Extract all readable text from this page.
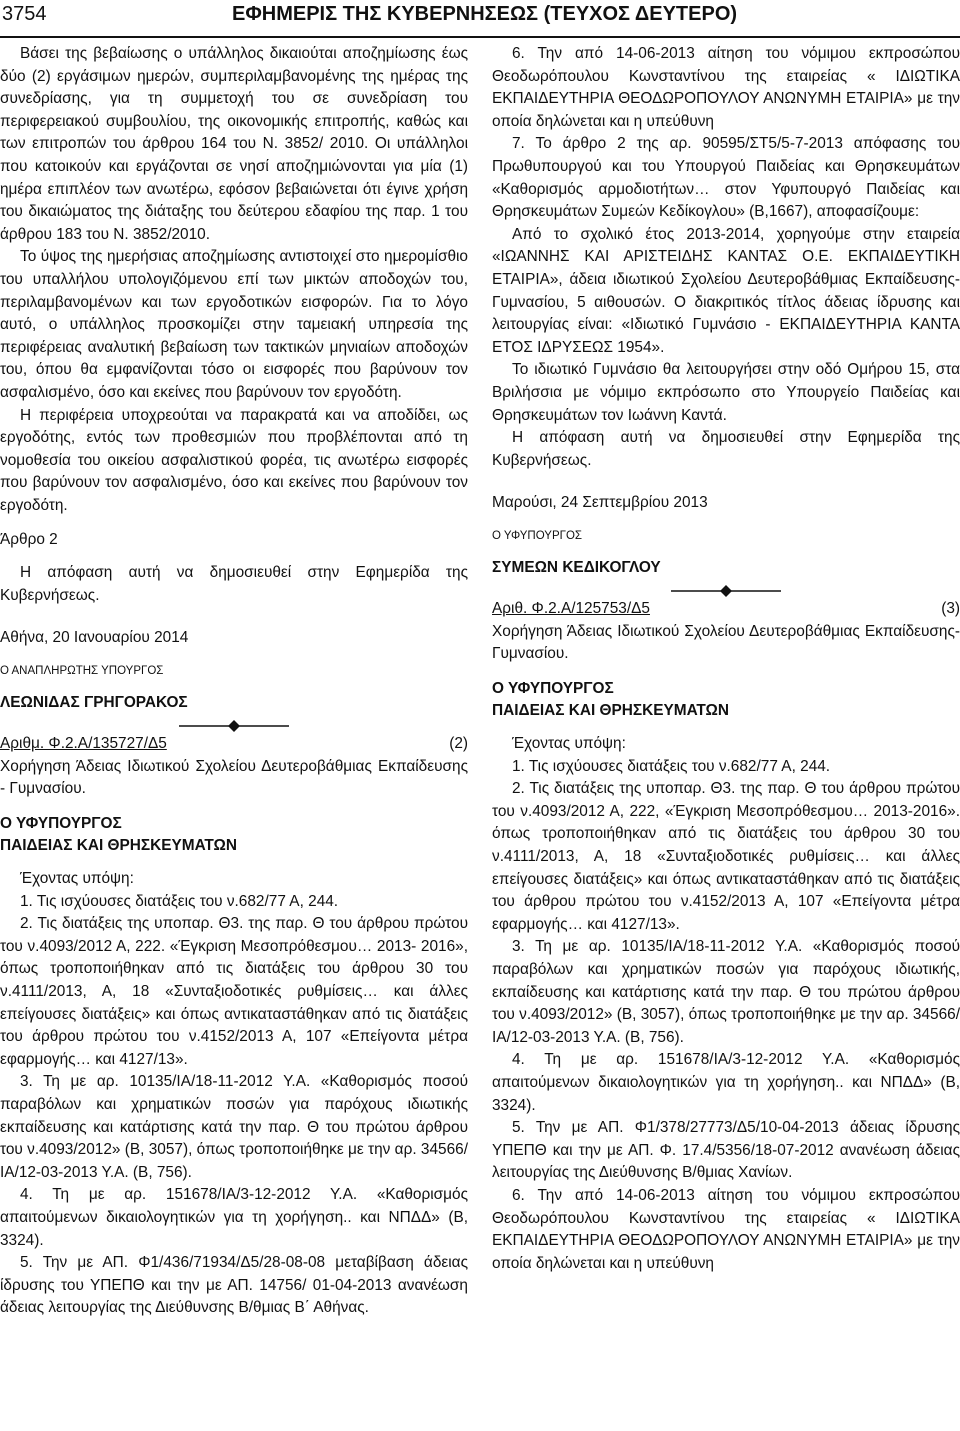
3754	ΕΦΗΜΕΡΙΣ ΤΗΣ ΚΥΒΕΡΝΗΣΕΩΣ (ΤΕΥΧΟΣ ΔΕΥΤΕΡΟ)

Βάσει της βεβαίωσης ο υπάλληλος δικαιούται αποζημίωσης έως δύο (2) εργάσιμων ημερών, συμπεριλαμβανομένης της ημέρας της συνεδρίασης, για τη συμμετοχή του σε συνεδρίαση του περιφερειακού συμβουλίου, της οικονομικής επιτροπής, καθώς και των επιτροπών του άρθρου 164 του Ν. 3852/ 2010. Οι υπάλληλοι που κατοικούν και εργάζονται σε νησί αποζημιώνονται για μία (1) ημέρα επιπλέον των ανωτέρω, εφόσον βεβαιώνεται ότι έγινε χρήση του δικαιώματος της διάταξης του δεύτερου εδαφίου της παρ. 1 του άρθρου 183 του Ν. 3852/2010.

Το ύψος της ημερήσιας αποζημίωσης αντιστοιχεί στο ημερομίσθιο του υπαλλήλου υπολογιζόμενου επί των μικτών αποδοχών του, περιλαμβανομένων και των εργοδοτικών εισφορών. Για το λόγο αυτό, ο υπάλληλος προσκομίζει στην ταμειακή υπηρεσία της περιφέρειας αναλυτική βεβαίωση των τακτικών μηνιαίων αποδοχών του, όπου θα εμφανίζονται τόσο οι εισφορές που βαρύνουν τον ασφαλισμένο, όσο και εκείνες που βαρύνουν τον εργοδότη.

Η περιφέρεια υποχρεούται να παρακρατά και να αποδίδει, ως εργοδότης, εντός των προθεσμιών που προβλέπονται από τη νομοθεσία του οικείου ασφαλιστικού φορέα, τις ανωτέρω εισφορές που βαρύνουν τον ασφαλισμένο, όσο και εκείνες που βαρύνουν τον εργοδότη.

Άρθρο 2

Η απόφαση αυτή να δημοσιευθεί στην Εφημερίδα της Κυβερνήσεως.

Αθήνα, 20 Ιανουαρίου 2014

Ο ΑΝΑΠΛΗΡΩΤΗΣ ΥΠΟΥΡΓΟΣ

ΛΕΩΝΙΔΑΣ ΓΡΗΓΟΡΑΚΟΣ

Αριθμ. Φ.2.Α/135727/Δ5	(2)

Χορήγηση Άδειας Ιδιωτικού Σχολείου Δευτεροβάθμιας Εκπαίδευσης - Γυμνασίου.

Ο ΥΦΥΠΟΥΡΓΟΣ

ΠΑΙΔΕΙΑΣ ΚΑΙ ΘΡΗΣΚΕΥΜΑΤΩΝ

Έχοντας υπόψη:

1. Τις ισχύουσες διατάξεις του ν.682/77 Α, 244.

2. Τις διατάξεις της υποπαρ. Θ3. της παρ. Θ του άρθρου πρώτου του ν.4093/2012 Α, 222. «Έγκριση Μεσοπρόθεσμου… 2013- 2016», όπως τροποποιήθηκαν από τις διατάξεις του άρθρου 30 του ν.4111/2013, Α, 18 «Συνταξιοδοτικές ρυθμίσεις… και άλλες επείγουσες διατάξεις» και όπως αντικαταστάθηκαν από τις διατάξεις του άρθρου πρώτου του ν.4152/2013 Α, 107 «Επείγοντα μέτρα εφαρμογής… και 4127/13».

3. Τη με αρ. 10135/ΙΑ/18-11-2012 Υ.Α. «Καθορισμός ποσού παραβόλων και χρηματικών ποσών για παρόχους ιδιωτικής εκπαίδευσης και κατάρτισης κατά την παρ. Θ του πρώτου άρθρου του ν.4093/2012» (Β, 3057), όπως τροποποιήθηκε με την αρ. 34566/ΙΑ/12-03-2013 Υ.Α. (Β, 756).

4. Τη με αρ. 151678/ΙΑ/3-12-2012 Υ.Α. «Καθορισμός απαιτούμενων δικαιολογητικών για τη χορήγηση.. και ΝΠΔΔ» (Β, 3324).

5. Την με ΑΠ. Φ1/436/71934/Δ5/28-08-08 μεταβίβαση άδειας ίδρυσης του ΥΠΕΠΘ και την με ΑΠ. 14756/ 01-04-2013 ανανέωση άδειας λειτουργίας της Διεύθυνσης Β/θμιας Β΄ Αθήνας.

6. Την από 14-06-2013 αίτηση του νόμιμου εκπροσώπου Θεοδωρόπουλου Κωνσταντίνου της εταιρείας « ΙΔΙΩΤΙΚΑ ΕΚΠΑΙΔΕΥΤΗΡΙΑ ΘΕΟΔΩΡΟΠΟΥΛΟΥ ΑΝΩΝΥΜΗ ΕΤΑΙΡΙΑ» με την οποία δηλώνεται και η υπεύθυνη

7. Το άρθρο 2 της αρ. 90595/ΣΤ5/5-7-2013 απόφασης του Πρωθυπουργού και του Υπουργού Παιδείας και Θρησκευμάτων «Καθορισμός αρμοδιοτήτων… στον Υφυπουργό Παιδείας και Θρησκευμάτων Συμεών Κεδίκογλου» (Β,1667), αποφασίζουμε:

Από το σχολικό έτος 2013-2014, χορηγούμε στην εταιρεία «ΙΩΑΝΝΗΣ ΚΑΙ ΑΡΙΣΤΕΙΔΗΣ ΚΑΝΤΑΣ Ο.Ε. ΕΚΠΑΙΔΕΥΤΙΚΗ ΕΤΑΙΡΙΑ», άδεια ιδιωτικού Σχολείου Δευτεροβάθμιας Εκπαίδευσης- Γυμνασίου, 5 αιθουσών. Ο διακριτικός τίτλος άδειας ίδρυσης και λειτουργίας είναι: «Ιδιωτικό Γυμνάσιο - ΕΚΠΑΙΔΕΥΤΗΡΙΑ ΚΑΝΤΑ ΕΤΟΣ ΙΔΡΥΣΕΩΣ 1954».

Το ιδιωτικό Γυμνάσιο θα λειτουργήσει στην οδό Ομήρου 15, στα Βριλήσσια με νόμιμο εκπρόσωπο στο Υπουργείο Παιδείας και Θρησκευμάτων τον Ιωάννη Καντά.

Η απόφαση αυτή να δημοσιευθεί στην Εφημερίδα της Κυβερνήσεως.

Μαρούσι, 24 Σεπτεμβρίου 2013

Ο ΥΦΥΠΟΥΡΓΟΣ

ΣΥΜΕΩΝ ΚΕΔΙΚΟΓΛΟΥ

Αριθ. Φ.2.Α/125753/Δ5	(3)

Χορήγηση Άδειας Ιδιωτικού Σχολείου Δευτεροβάθμιας Εκπαίδευσης- Γυμνασίου.

Ο ΥΦΥΠΟΥΡΓΟΣ

ΠΑΙΔΕΙΑΣ ΚΑΙ ΘΡΗΣΚΕΥΜΑΤΩΝ

Έχοντας υπόψη:

1. Τις ισχύουσες διατάξεις του ν.682/77 Α, 244.

2. Τις διατάξεις της υποπαρ. Θ3. της παρ. Θ του άρθρου πρώτου του ν.4093/2012 Α, 222, «Έγκριση Μεσοπρόθεσμου… 2013-2016». όπως τροποποιήθηκαν από τις διατάξεις του άρθρου 30 του ν.4111/2013, Α, 18 «Συνταξιοδοτικές ρυθμίσεις… και άλλες επείγουσες διατάξεις» και όπως αντικαταστάθηκαν από τις διατάξεις του άρθρου πρώτου του ν.4152/2013 Α, 107 «Επείγοντα μέτρα εφαρμογής… και 4127/13».

3. Τη με αρ. 10135/ΙΑ/18-11-2012 Υ.Α. «Καθορισμός ποσού παραβόλων και χρηματικών ποσών για παρόχους ιδιωτικής, εκπαίδευσης και κατάρτισης κατά την παρ. Θ του πρώτου άρθρου του ν.4093/2012» (Β, 3057), όπως τροποποιήθηκε με την αρ. 34566/ΙΑ/12-03-2013 Υ.Α. (Β, 756).

4. Τη με αρ. 151678/ΙΑ/3-12-2012 Υ.Α. «Καθορισμός απαιτούμενων δικαιολογητικών για τη χορήγηση.. και ΝΠΔΔ» (Β, 3324).

5. Την με ΑΠ. Φ1/378/27773/Δ5/10-04-2013 άδειας ίδρυσης ΥΠΕΠΘ και την με ΑΠ. Φ. 17.4/5356/18-07-2012 ανανέωση άδειας λειτουργίας της Διεύθυνσης Β/θμιας Χανίων.

6. Την από 14-06-2013 αίτηση του νόμιμου εκπροσώπου Θεοδωρόπουλου Κωνσταντίνου της εταιρείας « ΙΔΙΩΤΙΚΑ ΕΚΠΑΙΔΕΥΤΗΡΙΑ ΘΕΟΔΩΡΟΠΟΥΛΟΥ ΑΝΩΝΥΜΗ ΕΤΑΙΡΙΑ» με την οποία δηλώνεται και η υπεύθυνη
